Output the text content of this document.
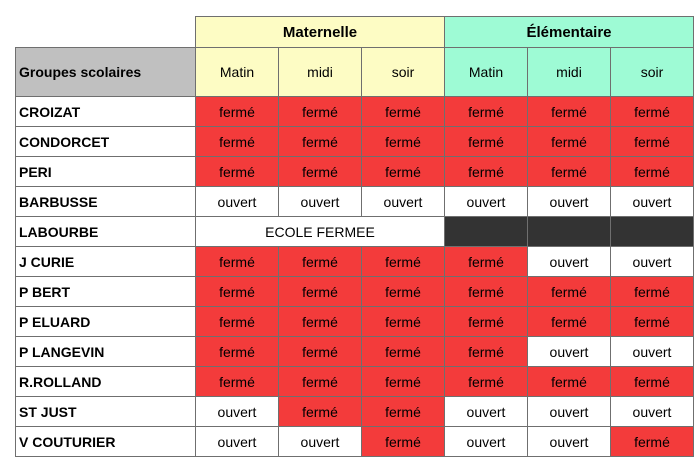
	Maternelle			Élémentaire		
Groupes scolaires	Matin	midi	soir	Matin	midi	soir
CROIZAT	fermé	fermé	fermé	fermé	fermé	fermé
CONDORCET	fermé	fermé	fermé	fermé	fermé	fermé
PERI	fermé	fermé	fermé	fermé	fermé	fermé
BARBUSSE	ouvert	ouvert	ouvert	ouvert	ouvert	ouvert
LABOURBE	ECOLE FERMEE					
J CURIE	fermé	fermé	fermé	fermé	ouvert	ouvert
P BERT	fermé	fermé	fermé	fermé	fermé	fermé
P ELUARD	fermé	fermé	fermé	fermé	fermé	fermé
P LANGEVIN	fermé	fermé	fermé	fermé	ouvert	ouvert
R.ROLLAND	fermé	fermé	fermé	fermé	fermé	fermé
ST JUST	ouvert	fermé	fermé	ouvert	ouvert	ouvert
V COUTURIER	ouvert	ouvert	fermé	ouvert	ouvert	fermé
